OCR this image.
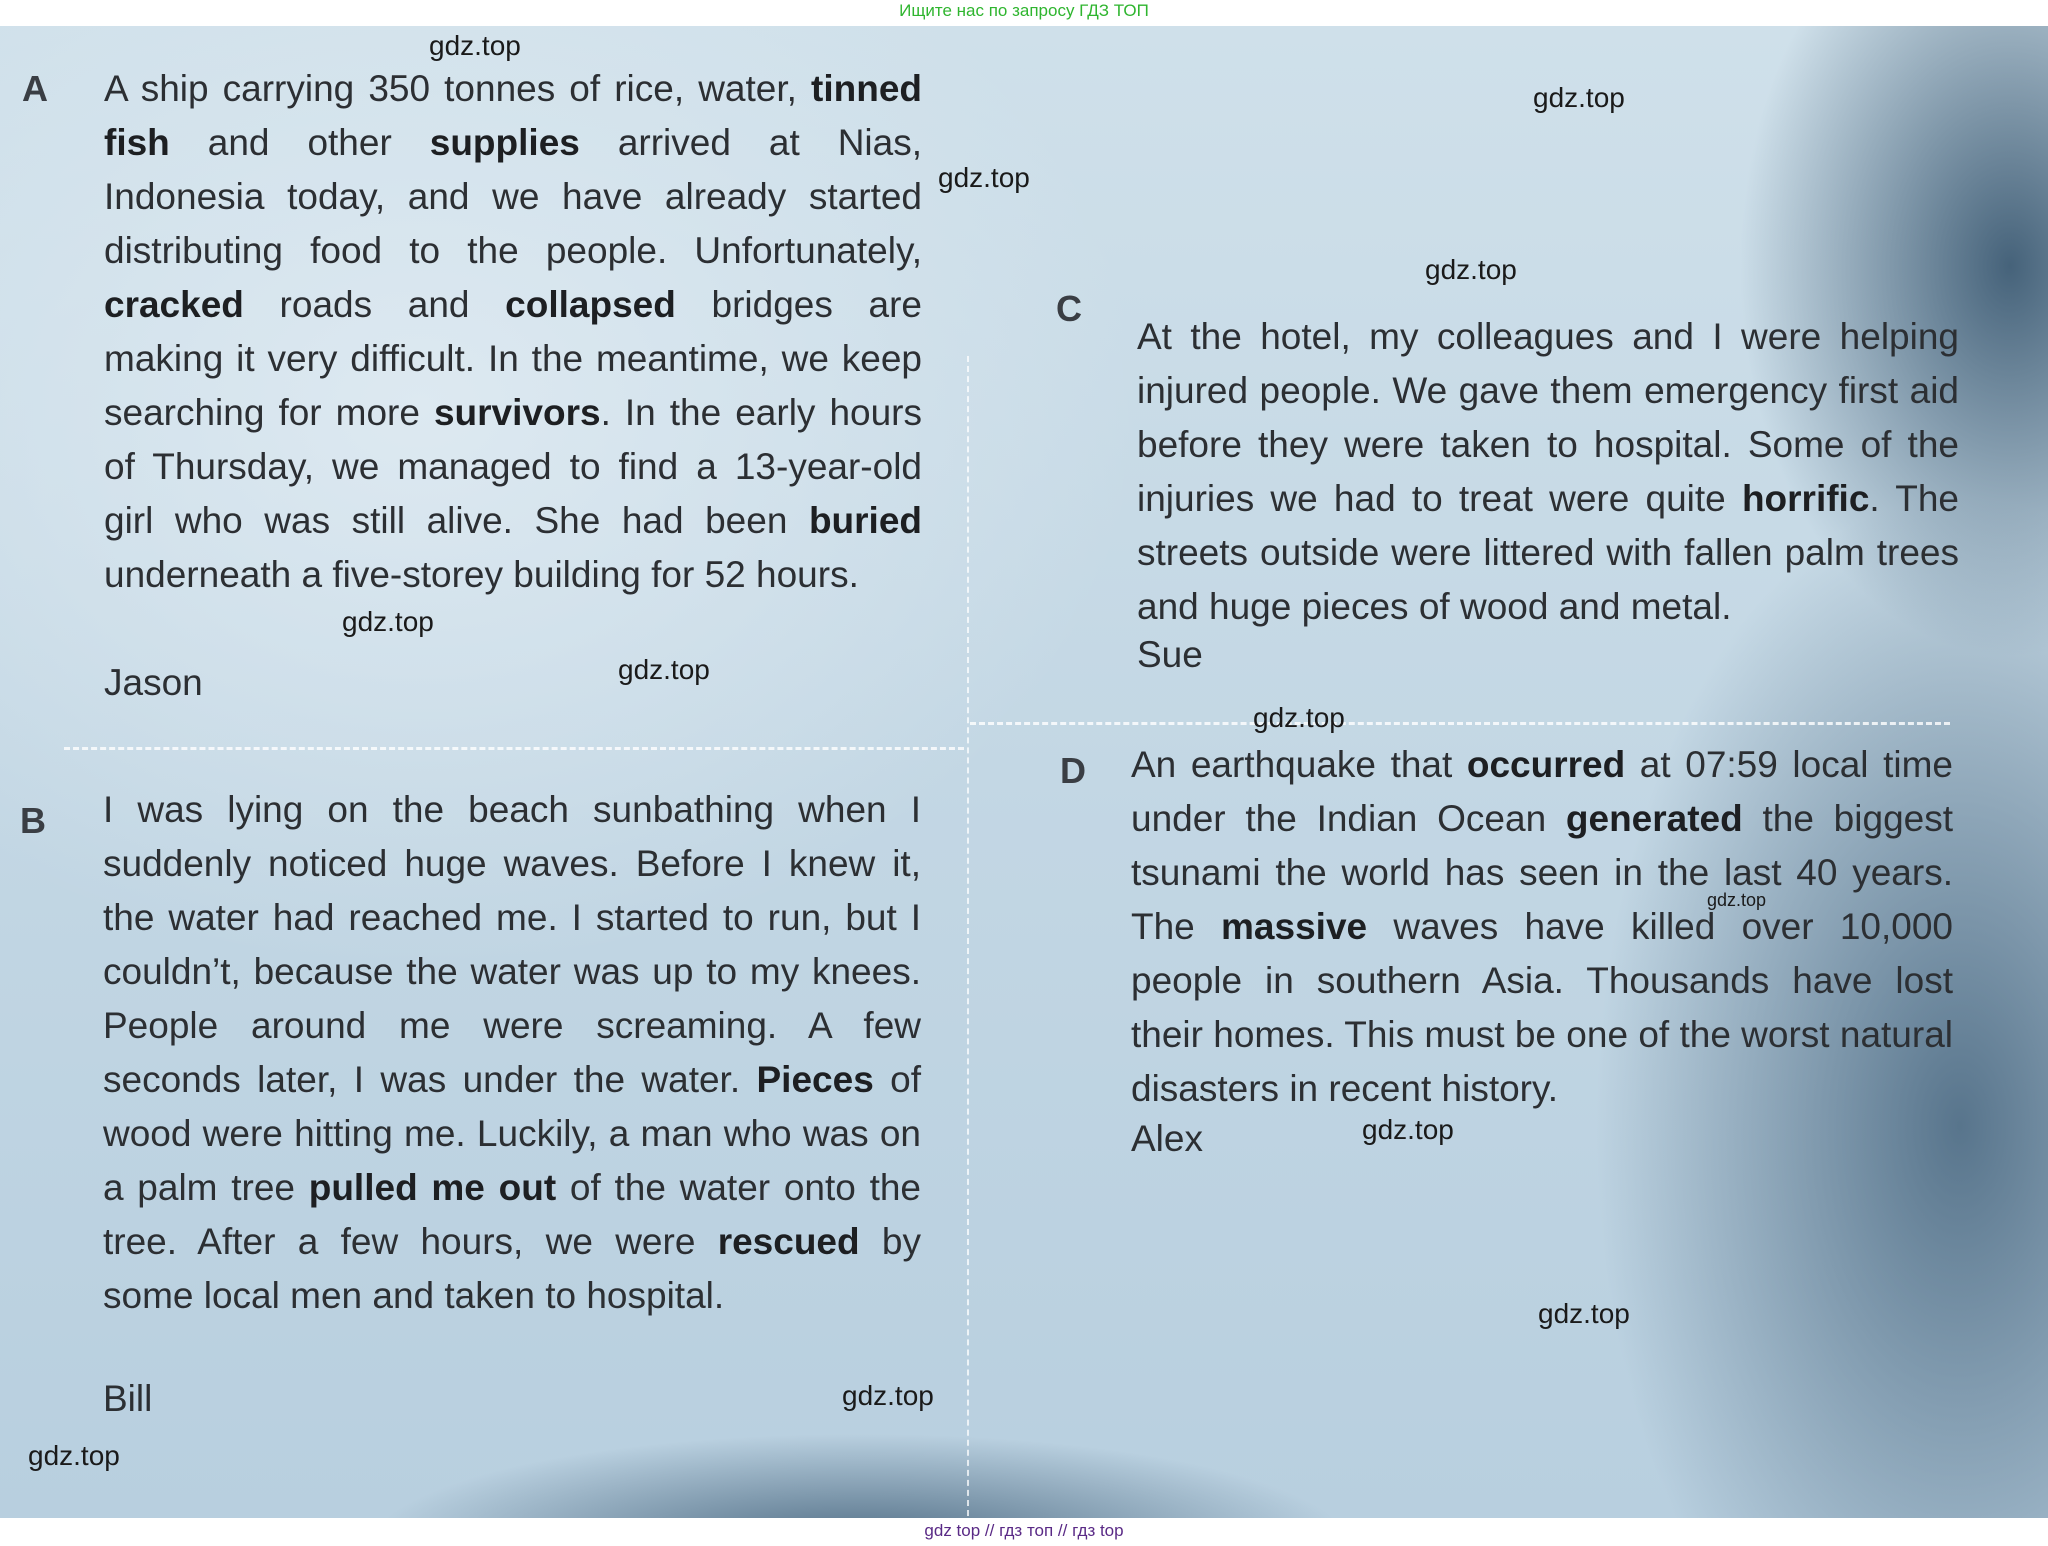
Ищите нас по запросу ГДЗ ТОП
A A ship carrying 350 tonnes of rice, water, tinned fish and other supplies arrived at Nias, Indonesia today, and we have already started distributing food to the people. Unfortunately, cracked roads and collapsed bridges are making it very difficult. In the meantime, we keep searching for more survivors. In the early hours of Thursday, we managed to find a 13-year-old girl who was still alive. She had been buried underneath a five-storey building for 52 hours.
Jason
B I was lying on the beach sunbathing when I suddenly noticed huge waves. Before I knew it, the water had reached me. I started to run, but I couldn’t, because the water was up to my knees. People around me were screaming. A few seconds later, I was under the water. Pieces of wood were hitting me. Luckily, a man who was on a palm tree pulled me out of the water onto the tree. After a few hours, we were rescued by some local men and taken to hospital.
Bill
C
At the hotel, my colleagues and I were helping injured people. We gave them emergency first aid before they were taken to hospital. Some of the injuries we had to treat were quite horrific. The streets outside were littered with fallen palm trees and huge pieces of wood and metal.
Sue
D An earthquake that occurred at 07:59 local time under the Indian Ocean generated the biggest tsunami the world has seen in the last 40 years. The massive waves have killed over 10,000 people in southern Asia. Thousands have lost their homes. This must be one of the worst natural disasters in recent history.
Alex
gdz.top
gdz.top
gdz.top
gdz.top
gdz.top
gdz.top
gdz.top
gdz.top
gdz.top
gdz.top
gdz.top
gdz.top
gdz top // гдз топ // гдз top
